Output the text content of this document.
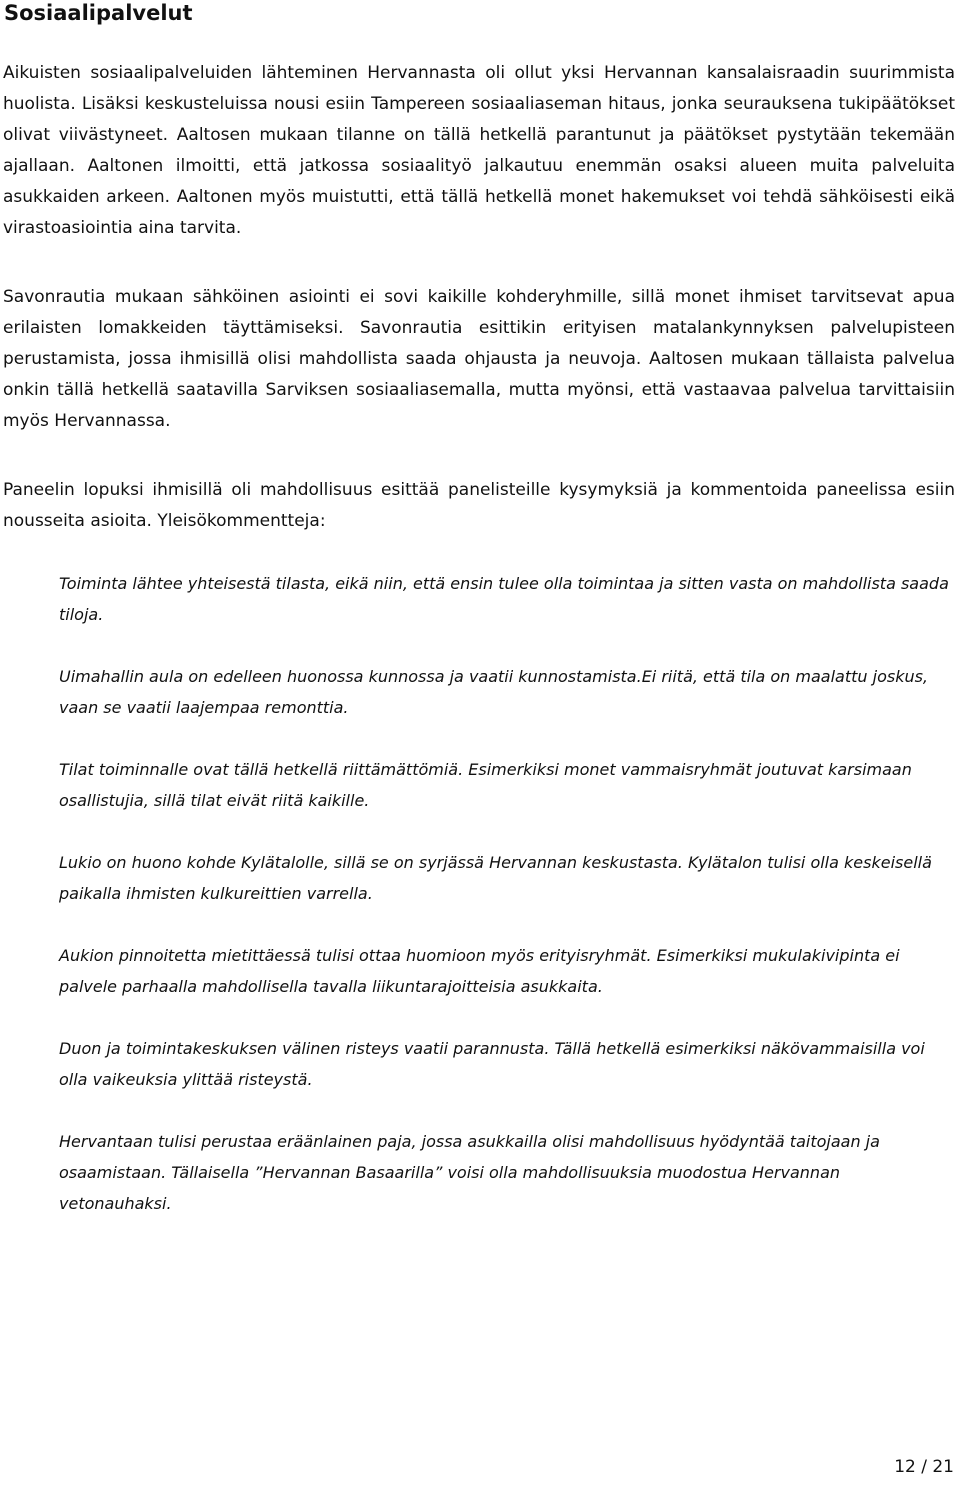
Sosiaalipalvelut

Aikuisten sosiaalipalveluiden lähteminen Hervannasta oli ollut yksi Hervannan kansalaisraadin suurimmista huolista. Lisäksi keskusteluissa nousi esiin Tampereen sosiaaliaseman hitaus, jonka seurauksena tukipäätökset olivat viivästyneet. Aaltosen mukaan tilanne on tällä hetkellä parantunut ja päätökset pystytään tekemään ajallaan. Aaltonen ilmoitti, että jatkossa sosiaalityö jalkautuu enemmän osaksi alueen muita palveluita asukkaiden arkeen. Aaltonen myös muistutti, että tällä hetkellä monet hakemukset voi tehdä sähköisesti eikä virastoasiointia aina tarvita.

Savonrautia mukaan sähköinen asiointi ei sovi kaikille kohderyhmille, sillä monet ihmiset tarvitsevat apua erilaisten lomakkeiden täyttämiseksi. Savonrautia esittikin erityisen matalankynnyksen palvelupisteen perustamista, jossa ihmisillä olisi mahdollista saada ohjausta ja neuvoja. Aaltosen mukaan tällaista palvelua onkin tällä hetkellä saatavilla Sarviksen sosiaaliasemalla, mutta myönsi, että vastaavaa palvelua tarvittaisiin myös Hervannassa.

Paneelin lopuksi ihmisillä oli mahdollisuus esittää panelisteille kysymyksiä ja kommentoida paneelissa esiin nousseita asioita. Yleisökommentteja:

Toiminta lähtee yhteisestä tilasta, eikä niin, että ensin tulee olla toimintaa ja sitten vasta on mahdollista saada tiloja.

Uimahallin aula on edelleen huonossa kunnossa ja vaatii kunnostamista.Ei riitä, että tila on maalattu joskus, vaan se vaatii laajempaa remonttia.

Tilat toiminnalle ovat tällä hetkellä riittämättömiä. Esimerkiksi monet vammaisryhmät joutuvat karsimaan osallistujia, sillä tilat eivät riitä kaikille.

Lukio on huono kohde Kylätalolle, sillä se on syrjässä Hervannan keskustasta. Kylätalon tulisi olla keskeisellä paikalla ihmisten kulkureittien varrella.

Aukion pinnoitetta mietittäessä tulisi ottaa huomioon myös erityisryhmät. Esimerkiksi mukulakivipinta ei palvele parhaalla mahdollisella tavalla liikuntarajoitteisia asukkaita.

Duon ja toimintakeskuksen välinen risteys vaatii parannusta. Tällä hetkellä esimerkiksi näkövammaisilla voi olla vaikeuksia ylittää risteystä.

Hervantaan tulisi perustaa eräänlainen paja, jossa asukkailla olisi mahdollisuus hyödyntää taitojaan ja osaamistaan. Tällaisella ”Hervannan Basaarilla” voisi olla mahdollisuuksia muodostua Hervannan vetonauhaksi.

12 / 21
